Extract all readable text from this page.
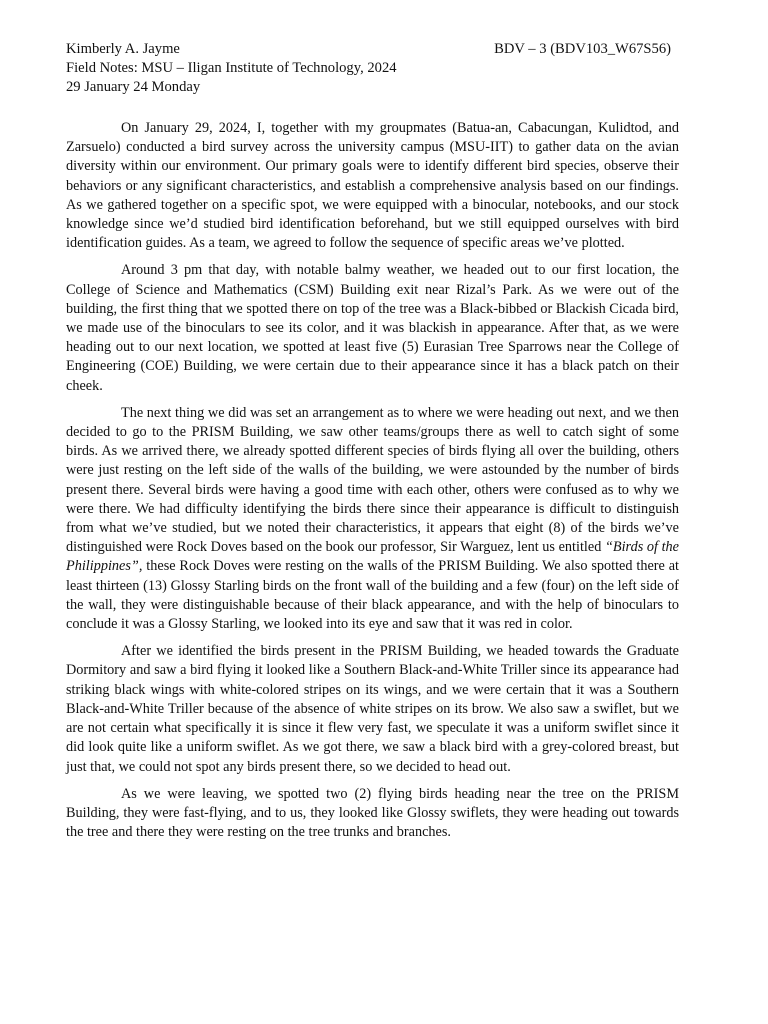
Kimberly A. Jayme	BDV – 3 (BDV103_W67S56)
Field Notes: MSU – Iligan Institute of Technology, 2024
29 January 24 Monday

On January 29, 2024, I, together with my groupmates (Batua-an, Cabacungan, Kulidtod, and Zarsuelo) conducted a bird survey across the university campus (MSU-IIT) to gather data on the avian diversity within our environment. Our primary goals were to identify different bird species, observe their behaviors or any significant characteristics, and establish a comprehensive analysis based on our findings. As we gathered together on a specific spot, we were equipped with a binocular, notebooks, and our stock knowledge since we’d studied bird identification beforehand, but we still equipped ourselves with bird identification guides. As a team, we agreed to follow the sequence of specific areas we’ve plotted.

Around 3 pm that day, with notable balmy weather, we headed out to our first location, the College of Science and Mathematics (CSM) Building exit near Rizal’s Park. As we were out of the building, the first thing that we spotted there on top of the tree was a Black-bibbed or Blackish Cicada bird, we made use of the binoculars to see its color, and it was blackish in appearance. After that, as we were heading out to our next location, we spotted at least five (5) Eurasian Tree Sparrows near the College of Engineering (COE) Building, we were certain due to their appearance since it has a black patch on their cheek.

The next thing we did was set an arrangement as to where we were heading out next, and we then decided to go to the PRISM Building, we saw other teams/groups there as well to catch sight of some birds. As we arrived there, we already spotted different species of birds flying all over the building, others were just resting on the left side of the walls of the building, we were astounded by the number of birds present there. Several birds were having a good time with each other, others were confused as to why we were there. We had difficulty identifying the birds there since their appearance is difficult to distinguish from what we’ve studied, but we noted their characteristics, it appears that eight (8) of the birds we’ve distinguished were Rock Doves based on the book our professor, Sir Warguez, lent us entitled “Birds of the Philippines”, these Rock Doves were resting on the walls of the PRISM Building. We also spotted there at least thirteen (13) Glossy Starling birds on the front wall of the building and a few (four) on the left side of the wall, they were distinguishable because of their black appearance, and with the help of binoculars to conclude it was a Glossy Starling, we looked into its eye and saw that it was red in color.

After we identified the birds present in the PRISM Building, we headed towards the Graduate Dormitory and saw a bird flying it looked like a Southern Black-and-White Triller since its appearance had striking black wings with white-colored stripes on its wings, and we were certain that it was a Southern Black-and-White Triller because of the absence of white stripes on its brow. We also saw a swiflet, but we are not certain what specifically it is since it flew very fast, we speculate it was a uniform swiflet since it did look quite like a uniform swiflet. As we got there, we saw a black bird with a grey-colored breast, but just that, we could not spot any birds present there, so we decided to head out.

As we were leaving, we spotted two (2) flying birds heading near the tree on the PRISM Building, they were fast-flying, and to us, they looked like Glossy swiflets, they were heading out towards the tree and there they were resting on the tree trunks and branches.
